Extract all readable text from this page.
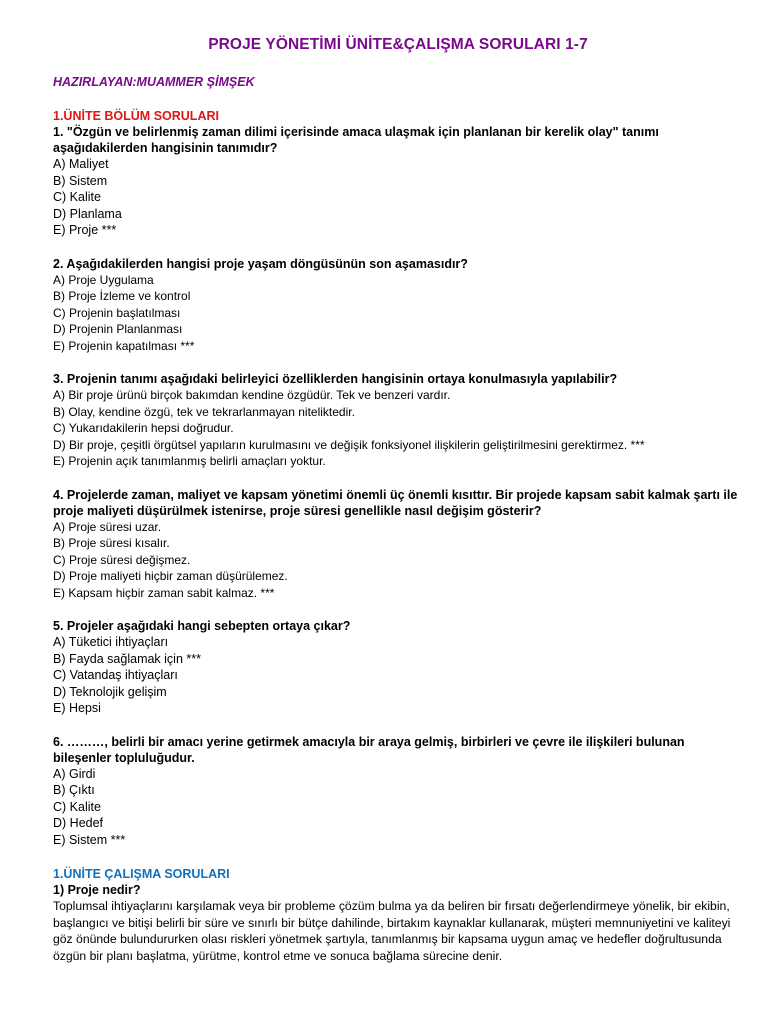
PROJE YÖNETİMİ ÜNİTE&ÇALIŞMA SORULARI 1-7
HAZIRLAYAN:MUAMMER ŞİMŞEK
1.ÜNİTE BÖLÜM SORULARI
1. "Özgün ve belirlenmiş zaman dilimi içerisinde amaca ulaşmak için planlanan bir kerelik olay" tanımı aşağıdakilerden hangisinin tanımıdır?
A) Maliyet
B) Sistem
C) Kalite
D) Planlama
E) Proje ***
2. Aşağıdakilerden hangisi proje yaşam döngüsünün son aşamasıdır?
A) Proje Uygulama
B) Proje İzleme ve kontrol
C) Projenin başlatılması
D) Projenin Planlanması
E) Projenin kapatılması ***
3. Projenin tanımı aşağıdaki belirleyici özelliklerden hangisinin ortaya konulmasıyla yapılabilir?
A) Bir proje ürünü birçok bakımdan kendine özgüdür. Tek ve benzeri vardır.
B) Olay, kendine özgü, tek ve tekrarlanmayan niteliktedir.
C) Yukarıdakilerin hepsi doğrudur.
D) Bir proje, çeşitli örgütsel yapıların kurulmasını ve değişik fonksiyonel ilişkilerin geliştirilmesini gerektirmez. ***
E) Projenin açık tanımlanmış belirli amaçları yoktur.
4. Projelerde zaman, maliyet ve kapsam yönetimi önemli üç önemli kısıttır. Bir projede kapsam sabit kalmak şartı ile proje maliyeti düşürülmek istenirse, proje süresi genellikle nasıl değişim gösterir?
A) Proje süresi uzar.
B) Proje süresi kısalır.
C) Proje süresi değişmez.
D) Proje maliyeti hiçbir zaman düşürülemez.
E) Kapsam hiçbir zaman sabit kalmaz. ***
5. Projeler aşağıdaki hangi sebepten ortaya çıkar?
A) Tüketici ihtiyaçları
B) Fayda sağlamak için ***
C) Vatandaş ihtiyaçları
D) Teknolojik gelişim
E) Hepsi
6. ………, belirli bir amacı yerine getirmek amacıyla bir araya gelmiş, birbirleri ve çevre ile ilişkileri bulunan bileşenler topluluğudur.
A) Girdi
B) Çıktı
C) Kalite
D) Hedef
E) Sistem ***
1.ÜNİTE ÇALIŞMA SORULARI
1) Proje nedir?
Toplumsal ihtiyaçlarını karşılamak veya bir probleme çözüm bulma ya da beliren bir fırsatı değerlendirmeye yönelik, bir ekibin, başlangıcı ve bitişi belirli bir süre ve sınırlı bir bütçe dahilinde, birtakım kaynaklar kullanarak, müşteri memnuniyetini ve kaliteyi göz önünde bulundururken olası riskleri yönetmek şartıyla, tanımlanmış bir kapsama uygun amaç ve hedefler doğrultusunda özgün bir planı başlatma, yürütme, kontrol etme ve sonuca bağlama sürecine denir.
